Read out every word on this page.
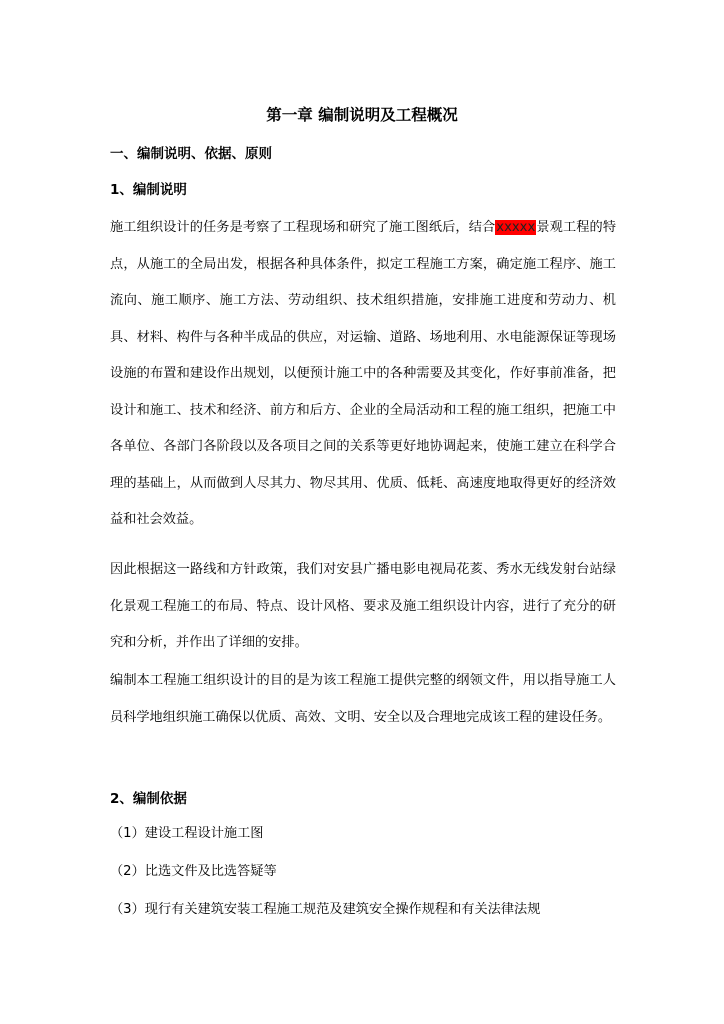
第一章 编制说明及工程概况
一、编制说明、依据、原则
1、编制说明
施工组织设计的任务是考察了工程现场和研究了施工图纸后，结合xxxxx景观工程的特点，从施工的全局出发，根据各种具体条件，拟定工程施工方案，确定施工程序、施工流向、施工顺序、施工方法、劳动组织、技术组织措施，安排施工进度和劳动力、机具、材料、构件与各种半成品的供应，对运输、道路、场地利用、水电能源保证等现场设施的布置和建设作出规划，以便预计施工中的各种需要及其变化，作好事前准备，把设计和施工、技术和经济、前方和后方、企业的全局活动和工程的施工组织，把施工中各单位、各部门各阶段以及各项目之间的关系等更好地协调起来，使施工建立在科学合理的基础上，从而做到人尽其力、物尽其用、优质、低耗、高速度地取得更好的经济效益和社会效益。
因此根据这一路线和方针政策，我们对安县广播电影电视局花荄、秀水无线发射台站绿化景观工程施工的布局、特点、设计风格、要求及施工组织设计内容，进行了充分的研究和分析，并作出了详细的安排。
编制本工程施工组织设计的目的是为该工程施工提供完整的纲领文件，用以指导施工人员科学地组织施工确保以优质、高效、文明、安全以及合理地完成该工程的建设任务。
2、编制依据
（1）建设工程设计施工图
（2）比选文件及比选答疑等
（3）现行有关建筑安装工程施工规范及建筑安全操作规程和有关法律法规
